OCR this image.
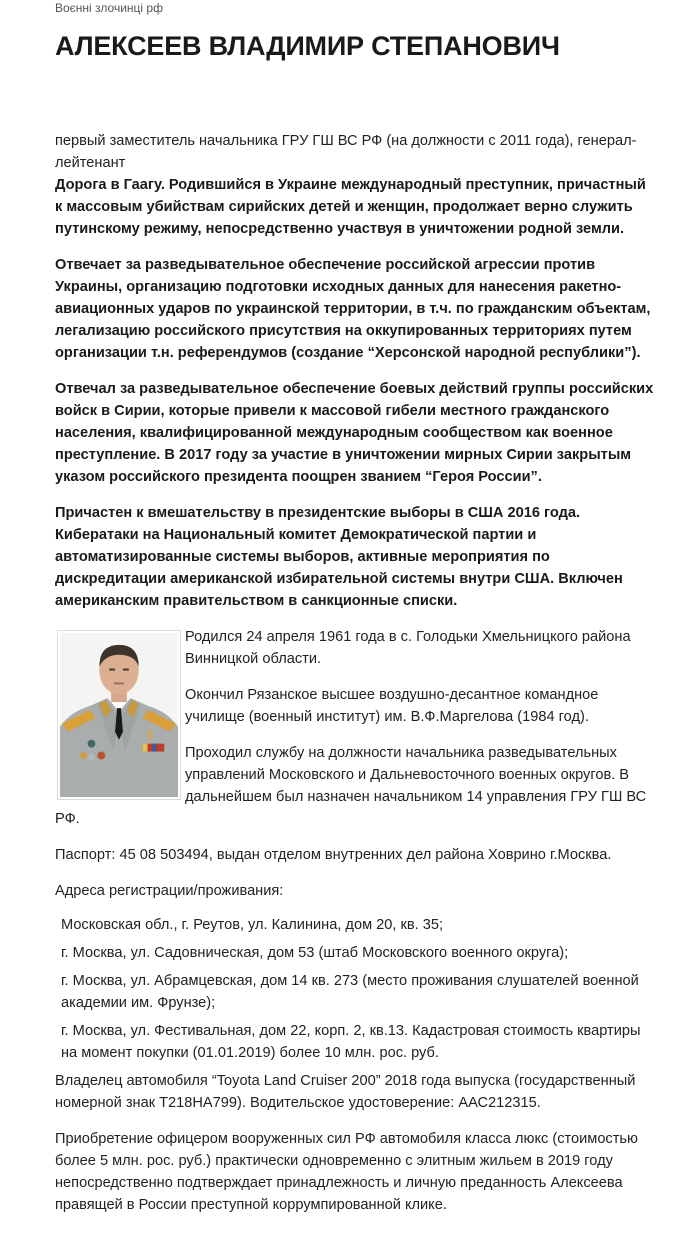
Воєнні злочинці рф
АЛЕКСЕЕВ ВЛАДИМИР СТЕПАНОВИЧ

первый заместитель начальника ГРУ ГШ ВС РФ (на должности с 2011 года), генерал-лейтенант

Дорога в Гаагу. Родившийся в Украине международный преступник, причастный к массовым убийствам сирийских детей и женщин, продолжает верно служить путинскому режиму, непосредственно участвуя в уничтожении родной земли.

Отвечает за разведывательное обеспечение российской агрессии против Украины, организацию подготовки исходных данных для нанесения ракетно-авиационных ударов по украинской территории, в т.ч. по гражданским объектам, легализацию российского присутствия на оккупированных территориях путем организации т.н. референдумов (создание “Херсонской народной республики”).

Отвечал за разведывательное обеспечение боевых действий группы российских войск в Сирии, которые привели к массовой гибели местного гражданского населения, квалифицированной международным сообществом как военное преступление. В 2017 году за участие в уничтожении мирных Сирии закрытым указом российского президента поощрен званием “Героя России”.

Причастен к вмешательству в президентские выборы в США 2016 года. Кибератаки на Национальный комитет Демократической партии и автоматизированные системы выборов, активные мероприятия по дискредитации американской избирательной системы внутри США. Включен американским правительством в санкционные списки.

Родился 24 апреля 1961 года в с. Голодьки Хмельницкого района Винницкой области.

Окончил Рязанское высшее воздушно-десантное командное училище (военный институт) им. В.Ф.Маргелова (1984 год).

Проходил службу на должности начальника разведывательных управлений Московского и Дальневосточного военных округов. В дальнейшем был назначен начальником 14 управления ГРУ ГШ ВС РФ.

Паспорт: 45 08 503494, выдан отделом внутренних дел района Ховрино г.Москва.

Адреса регистрации/проживания:

Московская обл., г. Реутов, ул. Калинина, дом 20, кв. 35;
г. Москва, ул. Садовническая, дом 53 (штаб Московского военного округа);
г. Москва, ул. Абрамцевская, дом 14 кв. 273 (место проживания слушателей военной академии им. Фрунзе);
г. Москва, ул. Фестивальная, дом 22, корп. 2, кв.13. Кадастровая стоимость квартиры на момент покупки (01.01.2019) более 10 млн. рос. руб.

Владелец автомобиля “Toyota Land Cruiser 200” 2018 года выпуска (государственный номерной знак Т218НА799). Водительское удостоверение: ААС212315.

Приобретение офицером вооруженных сил РФ автомобиля класса люкс (стоимостью более 5 млн. рос. руб.) практически одновременно с элитным жильем в 2019 году непосредственно подтверждает принадлежность и личную преданность Алексеева правящей в России преступной коррумпированной клике.
